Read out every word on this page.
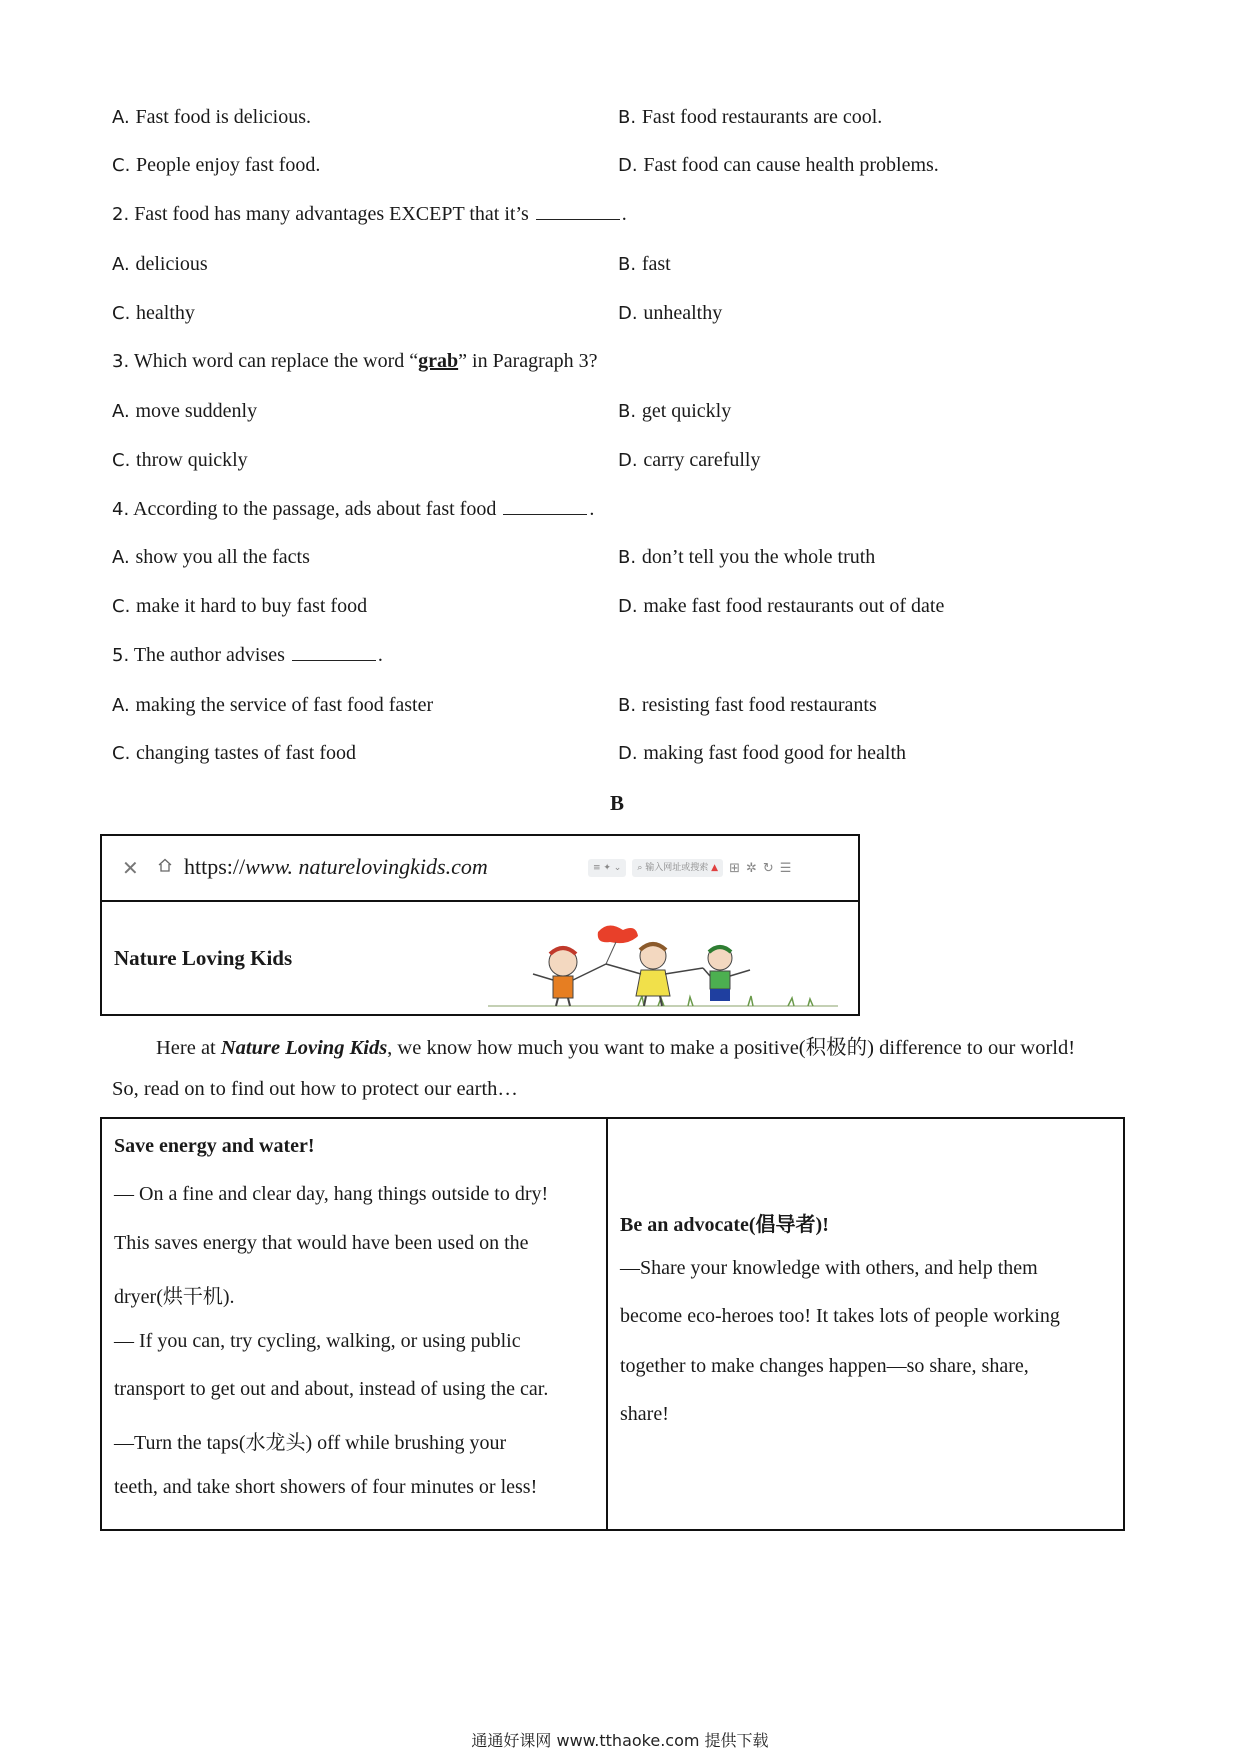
A. Fast food is delicious.	B. Fast food restaurants are cool.
C. People enjoy fast food.	D. Fast food can cause health problems.
2. Fast food has many advantages EXCEPT that it’s	.
A. delicious	B. fast
C. healthy	D. unhealthy
3. Which word can replace the word “grab” in Paragraph 3?
A. move suddenly	B. get quickly
C. throw quickly	D. carry carefully
4. According to the passage, ads about fast food	.
A. show you all the facts	B. don’t tell you the whole truth
C. make it hard to buy fast food	D. make fast food restaurants out of date
5. The author advises	.
A. making the service of fast food faster	B. resisting fast food restaurants
C. changing tastes of fast food	D. making fast food good for health
B
✕ https://www. naturelovingkids.com	≡ ✦ ⌄	⌕ 输入网址或搜索 ▲ ⊞ ✲ ↻ ☰
Nature Loving Kids
Here at Nature Loving Kids, we know how much you want to make a positive(积极的) difference to our world!
So, read on to find out how to protect our earth…
Save energy and water!
— On a fine and clear day, hang things outside to dry!
This saves energy that would have been used on the
dryer(烘干机).
— If you can, try cycling, walking, or using public
transport to get out and about, instead of using the car.
—Turn the taps(水龙头) off while brushing your
teeth, and take short showers of four minutes or less!
Be an advocate(倡导者)!
—Share your knowledge with others, and help them
become eco-heroes too! It takes lots of people working
together to make changes happen—so share, share,
share!
通通好课网 www.tthaoke.com 提供下载
